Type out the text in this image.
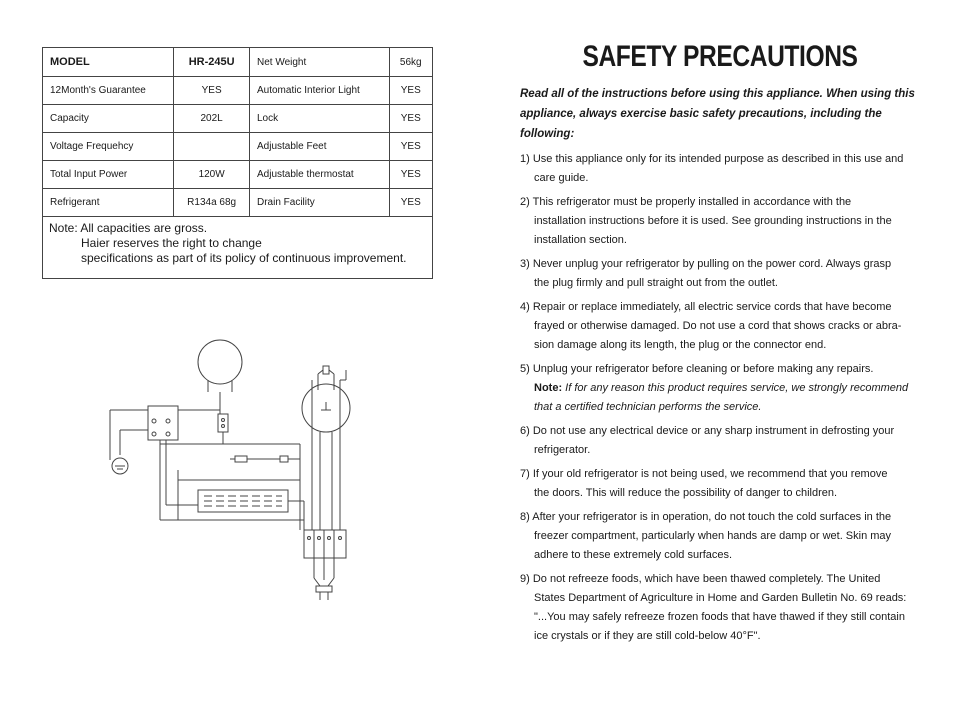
MODEL	HR-245U	Net Weight	56kg
12Month's Guarantee	YES	Automatic Interior Light	YES
Capacity	202L	Lock	YES
Voltage Frequehcy		Adjustable Feet	YES
Total Input Power	120W	Adjustable thermostat	YES
Refrigerant	R134a 68g	Drain Facility	YES

Note: All capacities are gross.
Haier reserves the right to change
specifications as part of its policy of continuous improvement.			
SAFETY PRECAUTIONS

Read all of the instructions before using this appliance. When using this appliance, always exercise basic safety precautions, including the following:

1) Use this appliance only for its intended purpose as described in this use and
care guide.
2) This refrigerator must be properly installed in accordance with the
installation instructions before it is used. See grounding instructions in the installation section.
3) Never unplug your refrigerator by pulling on the power cord. Always grasp
the plug firmly and pull straight out from the outlet.
4) Repair or replace immediately, all electric service cords that have become
frayed or otherwise damaged. Do not use a cord that shows cracks or abra-sion damage along its length, the plug or the connector end.
5) Unplug your refrigerator before cleaning or before making any repairs.
Note: If for any reason this product requires service, we strongly recommend that a certified technician performs the service.
6) Do not use any electrical device or any sharp instrument in defrosting your
refrigerator.
7) If your old refrigerator is not being used, we recommend that you remove
the doors. This will reduce the possibility of danger to children.
8) After your refrigerator is in operation, do not touch the cold surfaces in the
freezer compartment, particularly when hands are damp or wet. Skin may adhere to these extremely cold surfaces.
9) Do not refreeze foods, which have been thawed completely. The United
States Department of Agriculture in Home and Garden Bulletin No. 69 reads: "...You may safely refreeze frozen foods that have thawed if they still contain ice crystals or if they are still cold-below 40°F".
